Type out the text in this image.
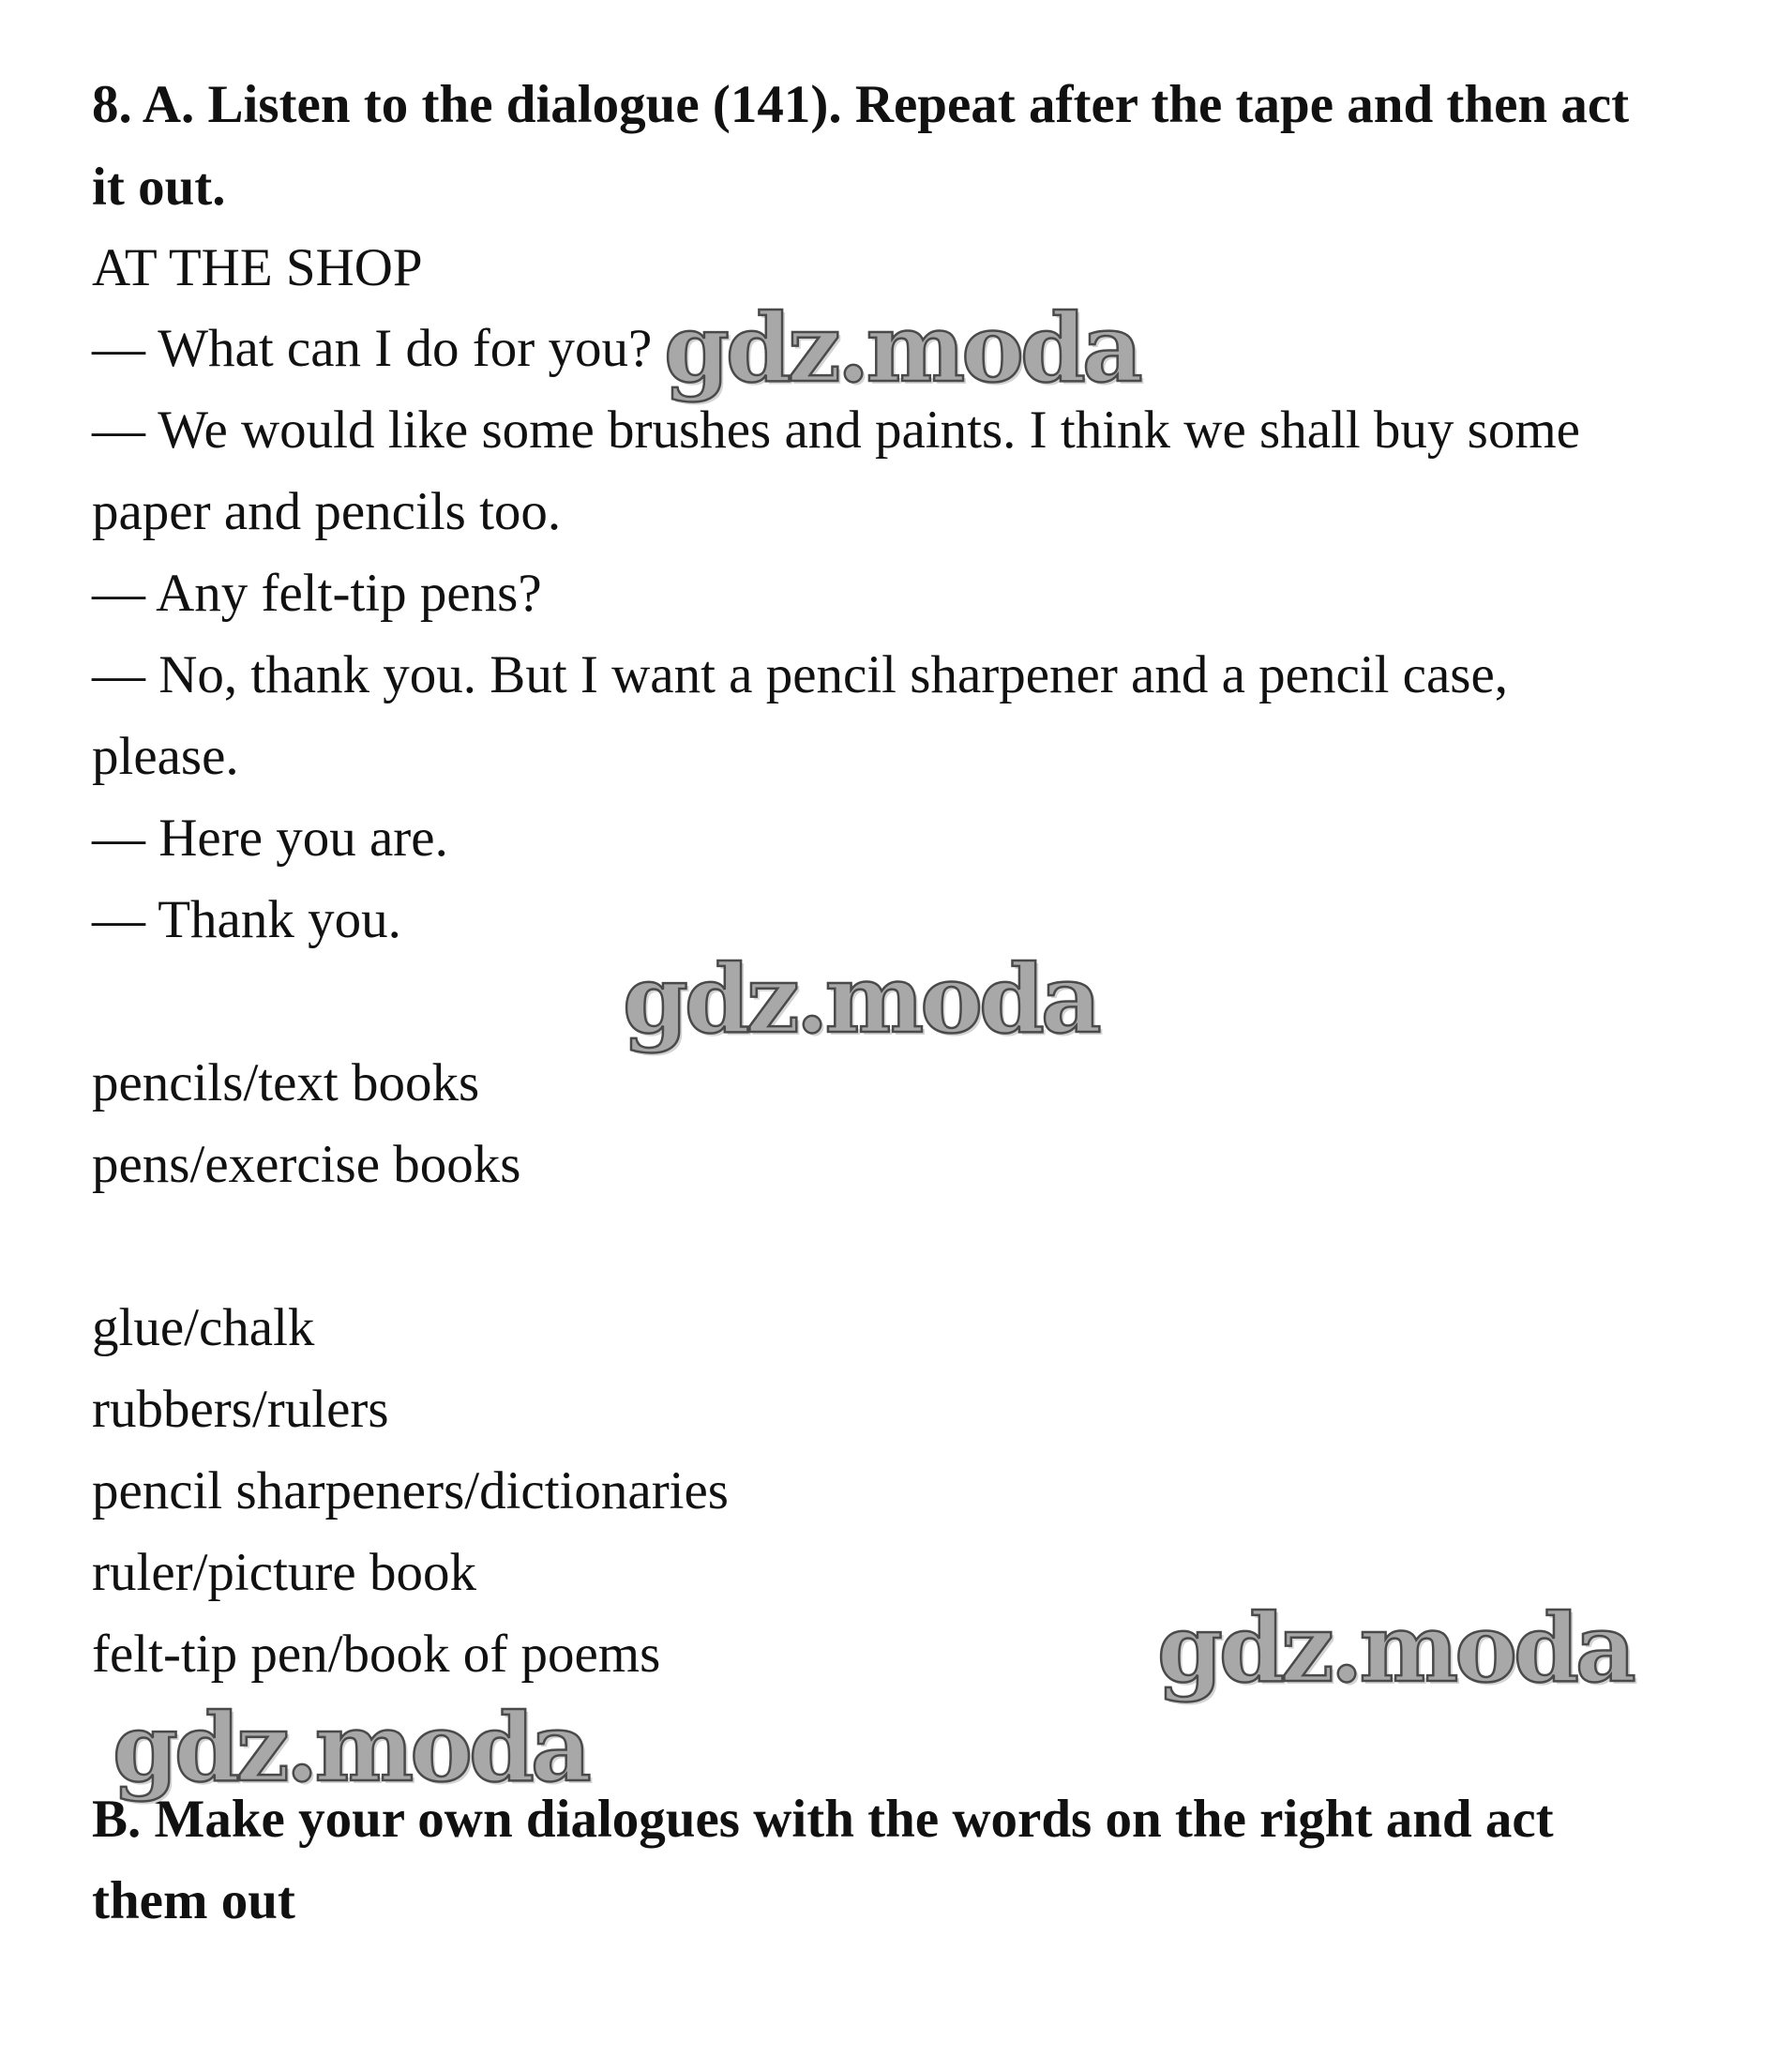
8. A. Listen to the dialogue (141). Repeat after the tape and then act
it out.
AT THE SHOP
— What can I do for you?
— We would like some brushes and paints. I think we shall buy some
paper and pencils too.
— Any felt-tip pens?
— No, thank you. But I want a pencil sharpener and a pencil case,
please.
— Here you are.
— Thank you.
pencils/text books
pens/exercise books
glue/chalk
rubbers/rulers
pencil sharpeners/dictionaries
ruler/picture book
felt-tip pen/book of poems
B. Make your own dialogues with the words on the right and act
them out
gdz.moda
gdz.moda
gdz.moda
gdz.moda
